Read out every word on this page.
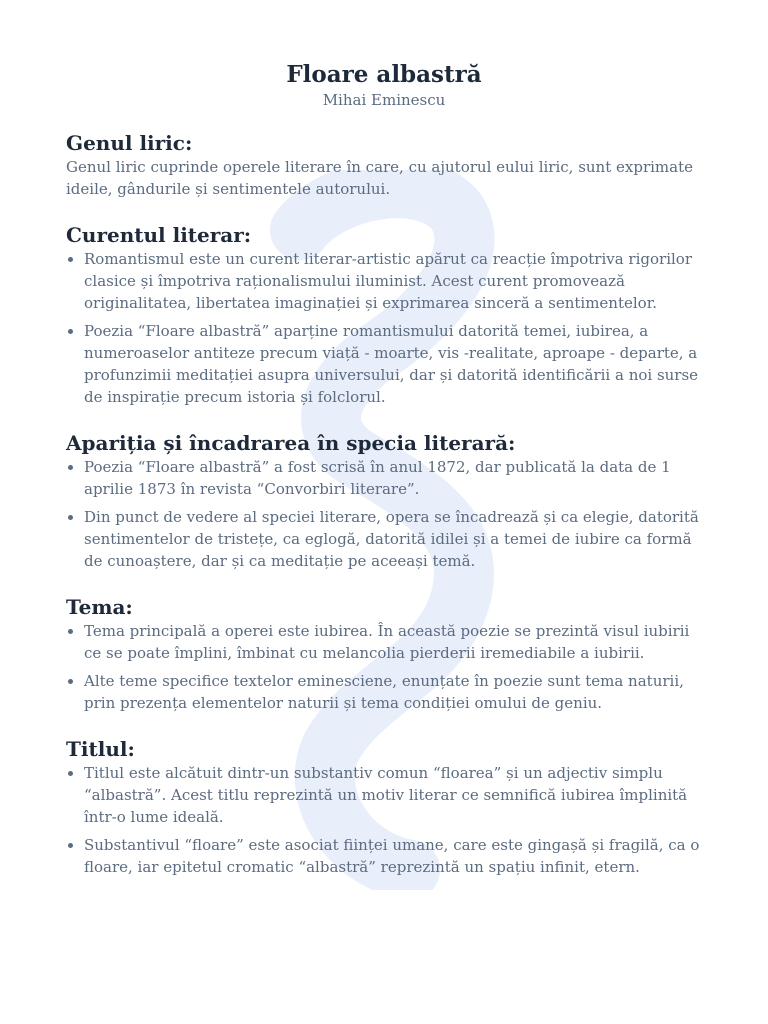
Floare albastră
Mihai Eminescu
Genul liric:

Genul liric cuprinde operele literare în care, cu ajutorul eului liric, sunt exprimate ideile, gândurile și sentimentele autorului.

Curentul literar:
• Romantismul este un curent literar-artistic apărut ca reacție împotriva rigorilor clasice și împotriva raționalismului iluminist. Acest curent promovează originalitatea, libertatea imaginației și exprimarea sinceră a sentimentelor.
• Poezia “Floare albastră” aparține romantismului datorită temei, iubirea, a numeroaselor antiteze precum viață - moarte, vis -realitate, aproape - departe, a profunzimii meditației asupra universului, dar și datorită identificării a noi surse de inspirație precum istoria și folclorul.
Apariția și încadrarea în specia literară:
• Poezia “Floare albastră” a fost scrisă în anul 1872, dar publicată la data de 1 aprilie 1873 în revista “Convorbiri literare”.
• Din punct de vedere al speciei literare, opera se încadrează și ca elegie, datorită sentimentelor de tristețe, ca eglogă, datorită idilei și a temei de iubire ca formă de cunoaștere, dar și ca meditație pe aceeași temă.
Tema:
• Tema principală a operei este iubirea. În această poezie se prezintă visul iubirii ce se poate împlini, îmbinat cu melancolia pierderii iremediabile a iubirii.
• Alte teme specifice textelor eminesciene, enunțate în poezie sunt tema naturii, prin prezența elementelor naturii și tema condiției omului de geniu.
Titlul:
• Titlul este alcătuit dintr-un substantiv comun “floarea” și un adjectiv simplu “albastră”. Acest titlu reprezintă un motiv literar ce semnifică iubirea împlinită într-o lume ideală.
• Substantivul “floare” este asociat ființei umane, care este gingașă și fragilă, ca o floare, iar epitetul cromatic “albastră” reprezintă un spațiu infinit, etern.
